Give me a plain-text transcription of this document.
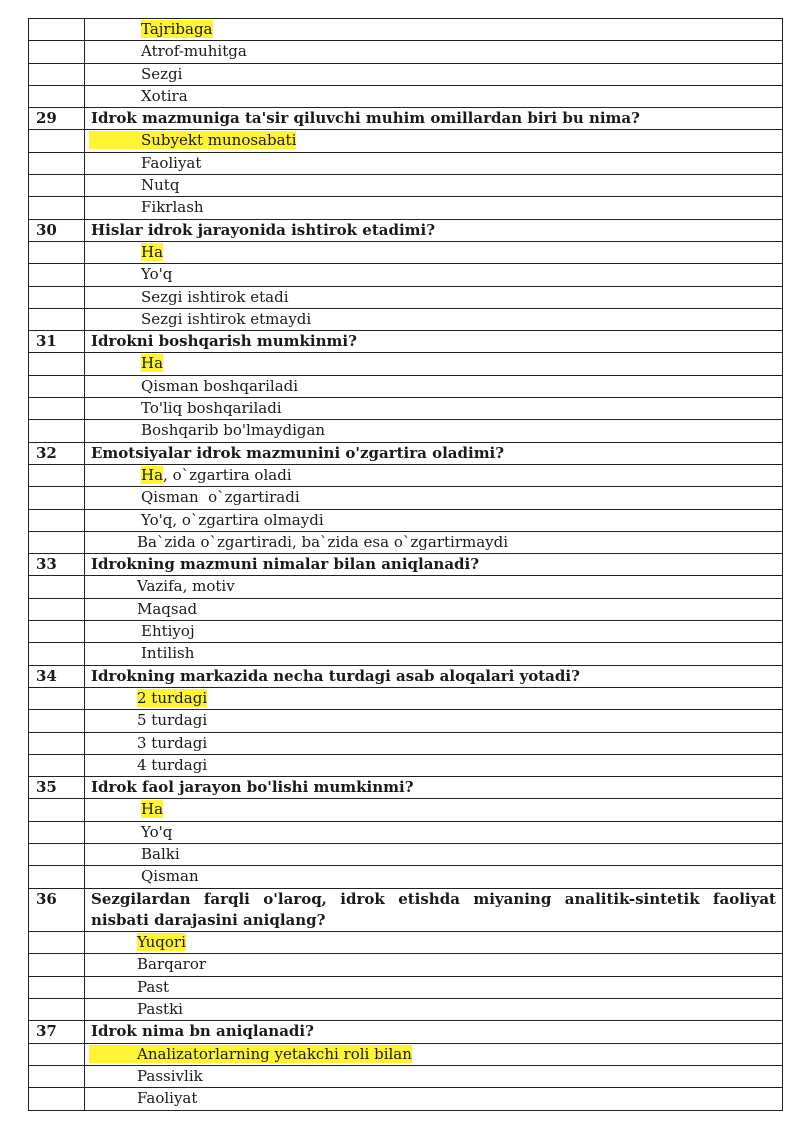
	Tajribaga
	Atrof-muhitga
	Sezgi
	Xotira
29	Idrok mazmuniga ta'sir qiluvchi muhim omillardan biri bu nima?
	Subyekt munosabati
	Faoliyat
	Nutq
	Fikrlash
30	Hislar idrok jarayonida ishtirok etadimi?
	Ha
	Yo'q
	Sezgi ishtirok etadi
	Sezgi ishtirok etmaydi
31	Idrokni boshqarish mumkinmi?
	Ha
	Qisman boshqariladi
	To'liq boshqariladi
	Boshqarib bo'lmaydigan
32	Emotsiyalar idrok mazmunini o'zgartira oladimi?
	Ha, o`zgartira oladi
	Qisman  o`zgartiradi
	Yo'q, o`zgartira olmaydi
	Ba`zida o`zgartiradi, ba`zida esa o`zgartirmaydi
33	Idrokning mazmuni nimalar bilan aniqlanadi?
	Vazifa, motiv
	Maqsad
	Ehtiyoj
	Intilish
34	Idrokning markazida necha turdagi asab aloqalari yotadi?
	2 turdagi
	5 turdagi
	3 turdagi
	4 turdagi
35	Idrok faol jarayon bo'lishi mumkinmi?
	Ha
	Yo'q
	Balki
	Qisman
36	Sezgilardan farqli o'laroq, idrok etishda miyaning analitik-sintetik faoliyat nisbati darajasini aniqlang?
	Yuqori
	Barqaror
	Past
	Pastki
37	Idrok nima bn aniqlanadi?
	Analizatorlarning yetakchi roli bilan
	Passivlik
	Faoliyat
